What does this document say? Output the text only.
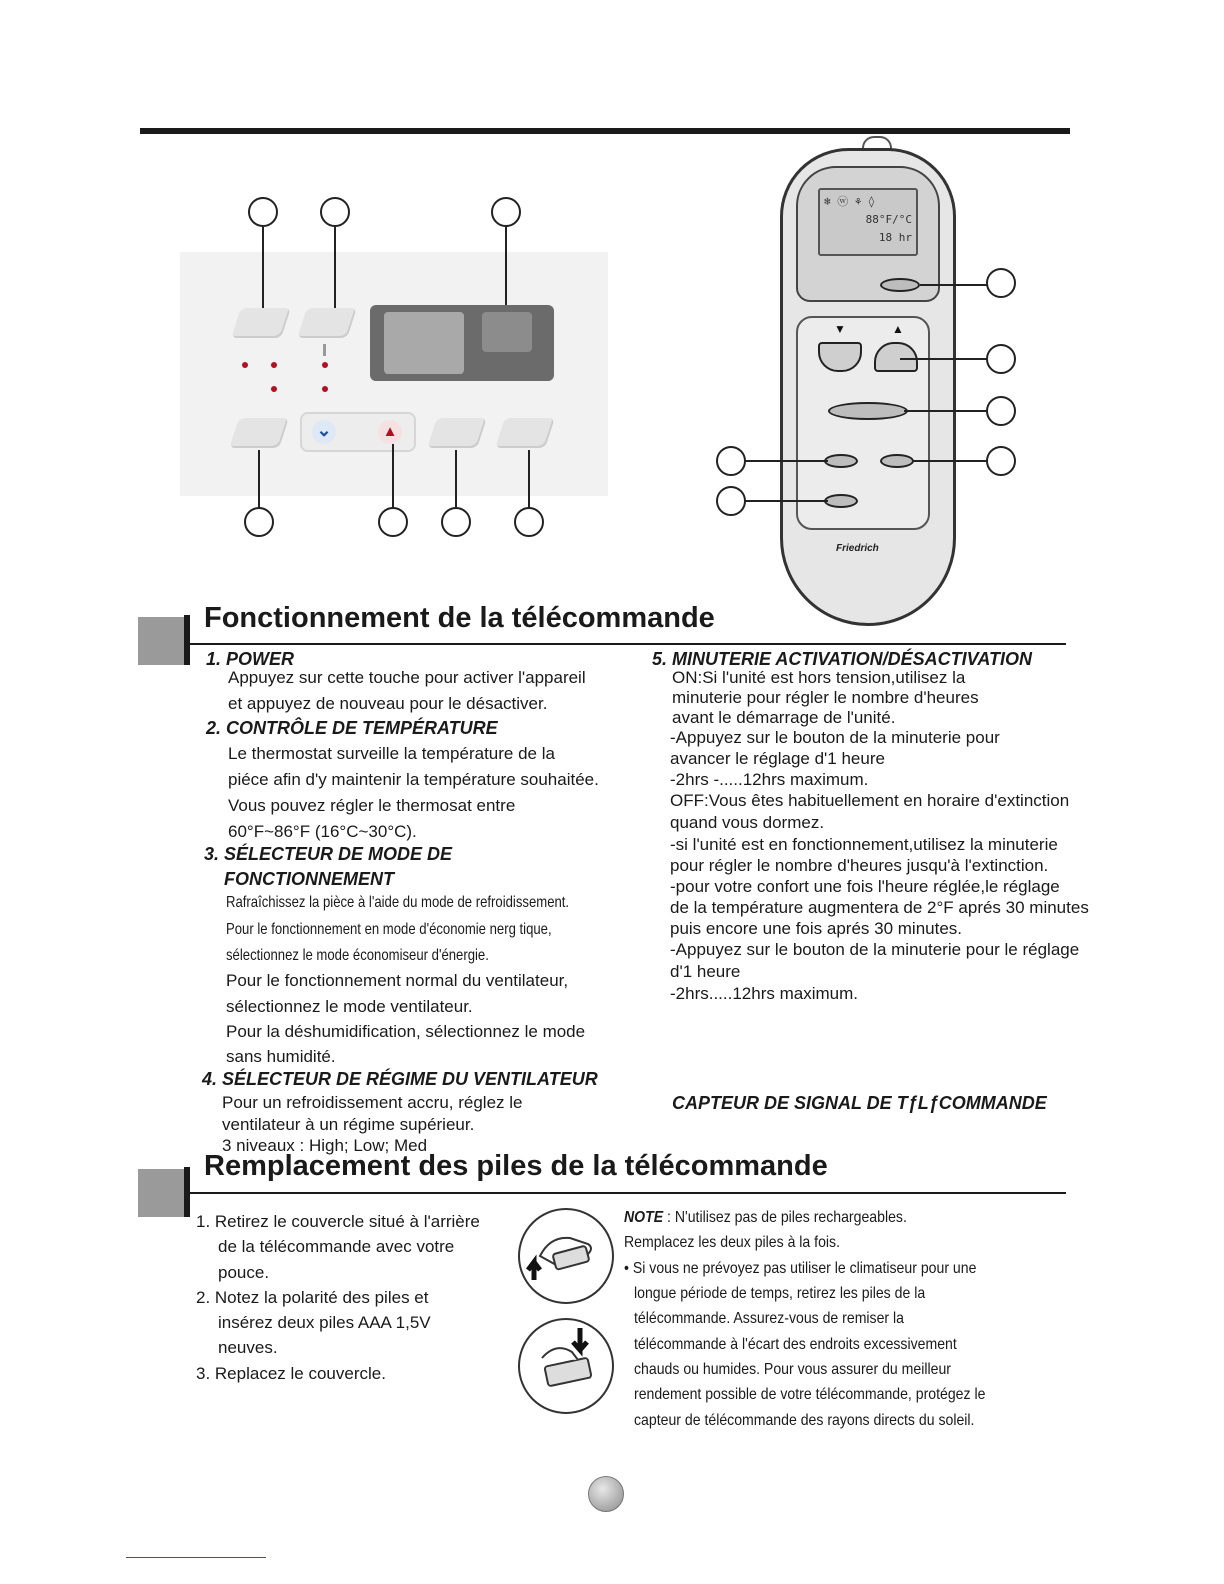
⌄	▲
❄ ⓦ ⚘ ◊
88°F/°C
18 hr
▼	▲
Friedrich
Fonctionnement de la télécommande
1. POWER
Appuyez sur cette touche pour activer l'appareil
et appuyez de nouveau pour le désactiver.
2. CONTRÔLE DE TEMPÉRATURE
Le thermostat surveille la température de la
piéce afin d'y maintenir la température souhaitée.
Vous pouvez régler le thermosat entre
60°F~86°F (16°C~30°C).
3. SÉLECTEUR DE MODE DE
FONCTIONNEMENT
Rafraîchissez la pièce à l'aide du mode de refroidissement.
Pour le fonctionnement en mode d'économie nerg tique,
sélectionnez le mode économiseur d'énergie.
Pour le fonctionnement normal du ventilateur,
sélectionnez le mode ventilateur.
Pour la déshumidification, sélectionnez le mode
sans humidité.
4. SÉLECTEUR DE RÉGIME DU VENTILATEUR
Pour un refroidissement accru, réglez le
ventilateur à un régime supérieur.
3 niveaux : High; Low; Med
5. MINUTERIE ACTIVATION/DÉSACTIVATION
ON:Si l'unité est hors tension,utilisez la
minuterie pour régler le nombre d'heures
avant le démarrage de l'unité.
-Appuyez sur le bouton de la minuterie pour
avancer le réglage d'1 heure
-2hrs -.....12hrs maximum.
OFF:Vous êtes habituellement en horaire d'extinction
quand vous dormez.
-si l'unité est en fonctionnement,utilisez la minuterie
pour régler le nombre d'heures jusqu'à l'extinction.
-pour votre confort une fois l'heure réglée,le réglage
de la température augmentera de 2°F aprés 30 minutes
puis encore une fois aprés 30 minutes.
-Appuyez sur le bouton de la minuterie pour le réglage
d'1 heure
-2hrs.....12hrs maximum.
CAPTEUR DE SIGNAL DE TƒLƒCOMMANDE
Remplacement des piles de la télécommande
1. Retirez le couvercle situé à l'arrière
de la télécommande avec votre
pouce.
2. Notez la polarité des piles et
insérez deux piles AAA 1,5V
neuves.
3. Replacez le couvercle.
NOTE : N'utilisez pas de piles rechargeables.
Remplacez les deux piles à la fois.
• Si vous ne prévoyez pas utiliser le climatiseur pour une
longue période de temps, retirez les piles de la
télécommande. Assurez-vous de remiser la
télécommande à l'écart des endroits excessivement
chauds ou humides. Pour vous assurer du meilleur
rendement possible de votre télécommande, protégez le
capteur de télécommande des rayons directs du soleil.
